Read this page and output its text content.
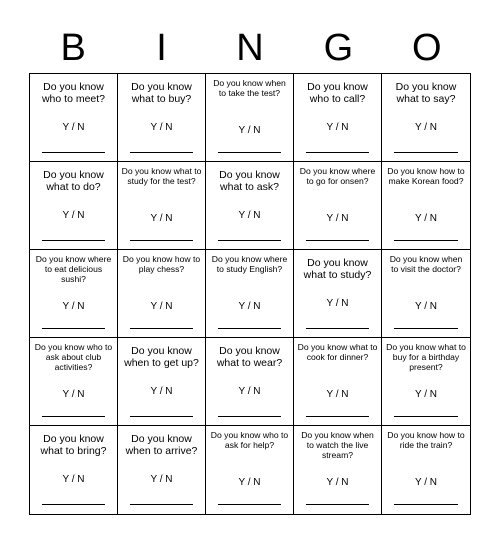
B	I	N	G	O
Do you know who to meet?
Y / N
Do you know what to buy?
Y / N
Do you know when to take the test?
Y / N
Do you know who to call?
Y / N
Do you know what to say?
Y / N
Do you know what to do?
Y / N
Do you know what to study for the test?
Y / N
Do you know what to ask?
Y / N
Do you know where to go for onsen?
Y / N
Do you know how to make Korean food?
Y / N
Do you know where to eat delicious sushi?
Y / N
Do you know how to play chess?
Y / N
Do you know where to study English?
Y / N
Do you know what to study?
Y / N
Do you know when to visit the doctor?
Y / N
Do you know who to ask about club activities?
Y / N
Do you know when to get up?
Y / N
Do you know what to wear?
Y / N
Do you know what to cook for dinner?
Y / N
Do you know what to buy for a birthday present?
Y / N
Do you know what to bring?
Y / N
Do you know when to arrive?
Y / N
Do you know who to ask for help?
Y / N
Do you know when to watch the live stream?
Y / N
Do you know how to ride the train?
Y / N
